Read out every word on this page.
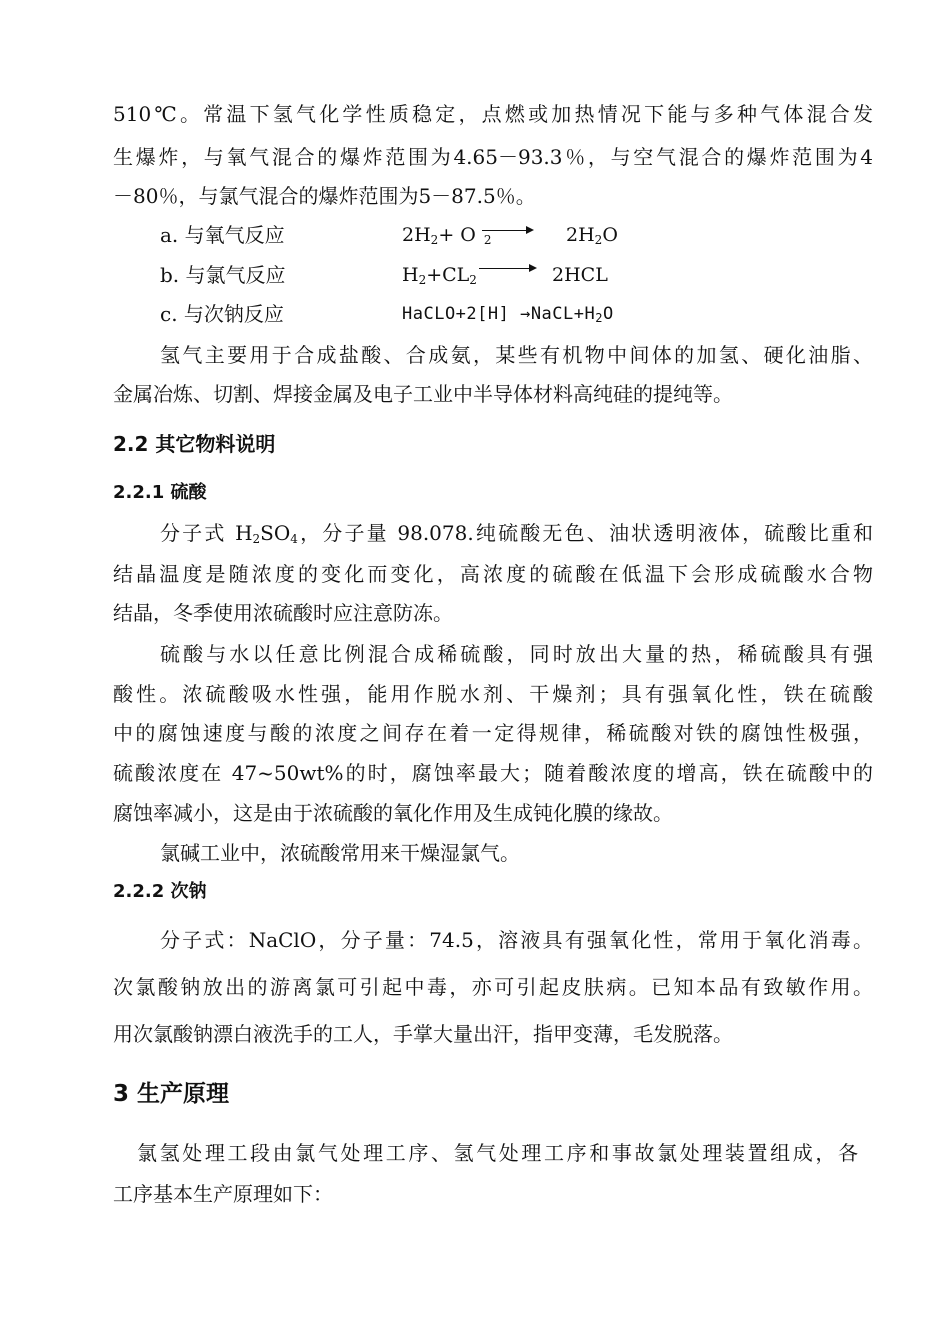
510℃。常温下氢气化学性质稳定，点燃或加热情况下能与多种气体混合发
生爆炸，与氧气混合的爆炸范围为4.65－93.3％，与空气混合的爆炸范围为4
－80％，与氯气混合的爆炸范围为5－87.5％。
a. 与氧气反应	$2H_2+ O$ $_2$	$2H_2O$
b. 与氯气反应	$H_2+CL_2$	2HCL
c. 与次钠反应	HaCLO+2[H] $\to NaCL+H_2O$
氢气主要用于合成盐酸、合成氨，某些有机物中间体的加氢、硬化油脂、
金属冶炼、切割、焊接金属及电子工业中半导体材料高纯硅的提纯等。
2.2 其它物料说明
2.2.1 硫酸
分子式 $H_2SO_4$，分子量 98.078.纯硫酸无色、油状透明液体，硫酸比重和
结晶温度是随浓度的变化而变化，高浓度的硫酸在低温下会形成硫酸水合物
结晶，冬季使用浓硫酸时应注意防冻。
硫酸与水以任意比例混合成稀硫酸，同时放出大量的热，稀硫酸具有强
酸性。浓硫酸吸水性强，能用作脱水剂、干燥剂；具有强氧化性，铁在硫酸
中的腐蚀速度与酸的浓度之间存在着一定得规律，稀硫酸对铁的腐蚀性极强，
硫酸浓度在 47~50wt%的时，腐蚀率最大；随着酸浓度的增高，铁在硫酸中的
腐蚀率减小，这是由于浓硫酸的氧化作用及生成钝化膜的缘故。
氯碱工业中，浓硫酸常用来干燥湿氯气。
2.2.2 次钠
分子式：NaClO，分子量：74.5，溶液具有强氧化性，常用于氧化消毒。
次氯酸钠放出的游离氯可引起中毒，亦可引起皮肤病。已知本品有致敏作用。
用次氯酸钠漂白液洗手的工人，手掌大量出汗，指甲变薄，毛发脱落。
3 生产原理
氯氢处理工段由氯气处理工序、氢气处理工序和事故氯处理装置组成，各
工序基本生产原理如下：
